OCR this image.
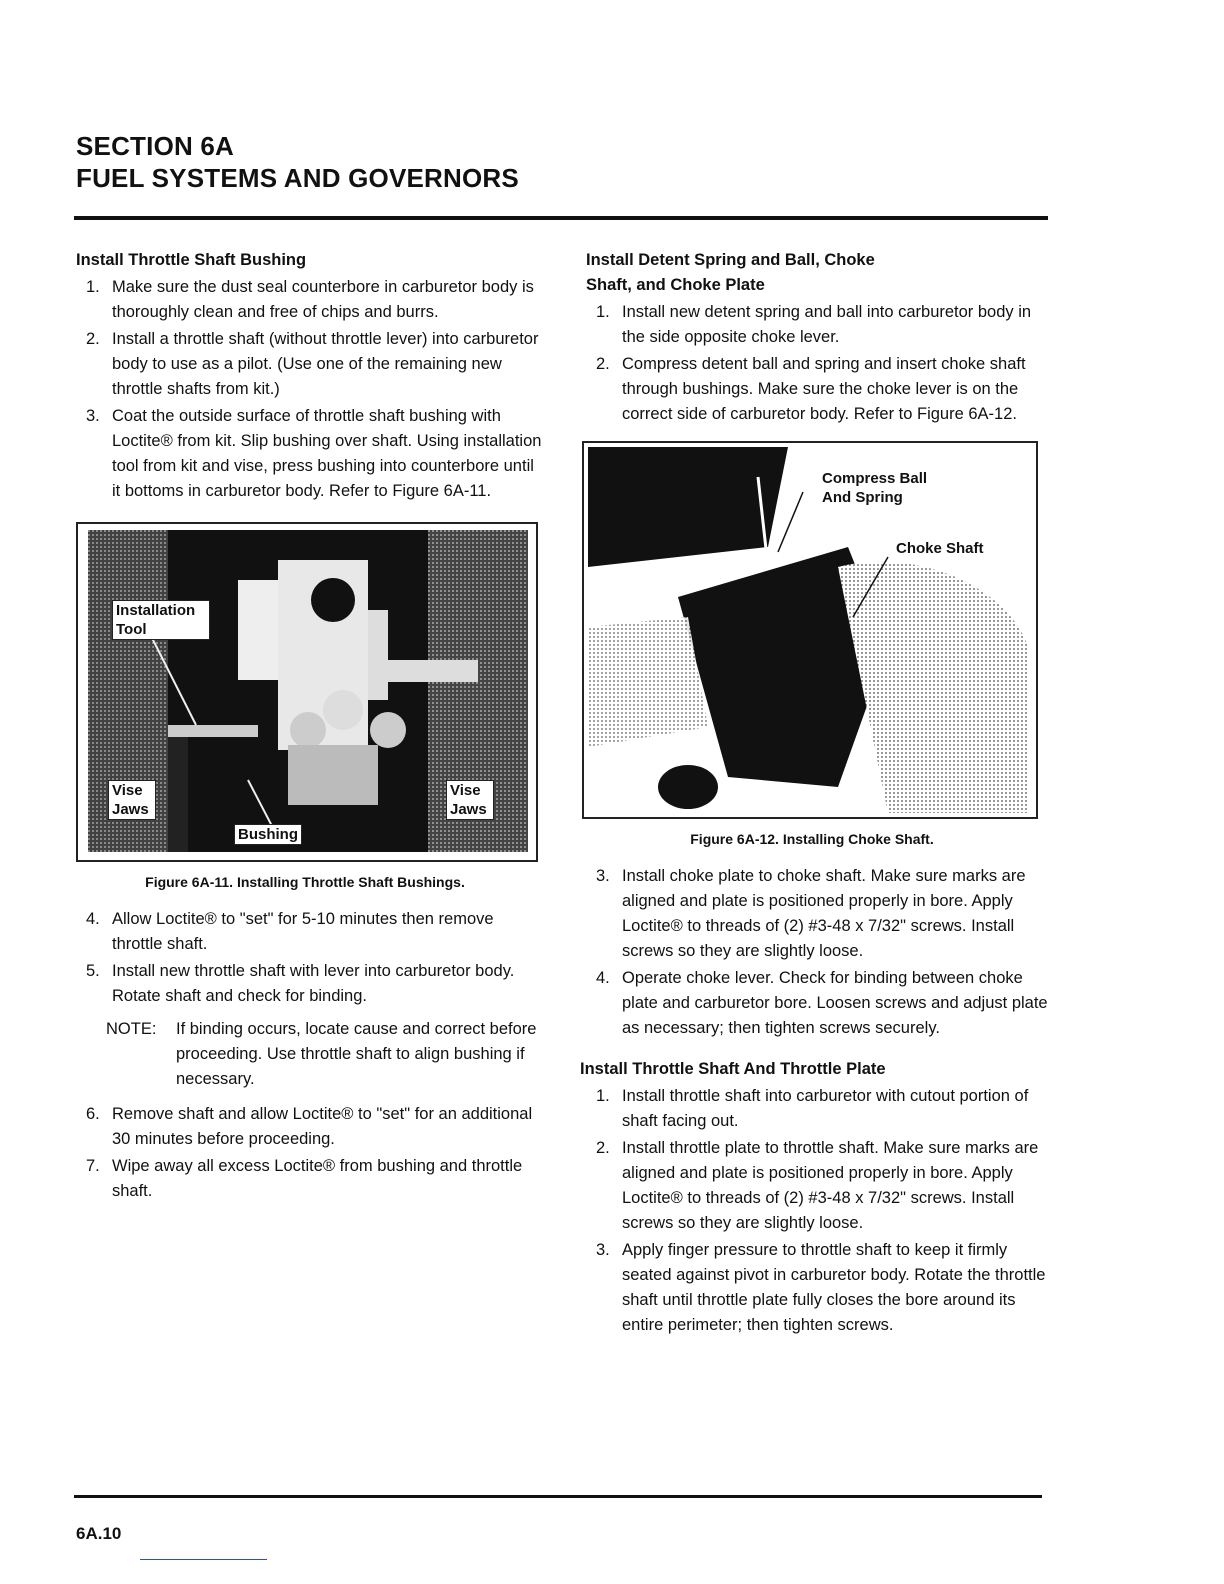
SECTION 6A
FUEL SYSTEMS AND GOVERNORS
Install Throttle Shaft Bushing
1. Make sure the dust seal counterbore in carburetor body is thoroughly clean and free of chips and burrs.
2. Install a throttle shaft (without throttle lever) into carburetor body to use as a pilot. (Use one of the remaining new throttle shafts from kit.)
3. Coat the outside surface of throttle shaft bushing with Loctite® from kit. Slip bushing over shaft. Using installation tool from kit and vise, press bushing into counterbore until it bottoms in carburetor body. Refer to Figure 6A-11.
Installation Tool
Vise Jaws
Vise Jaws
Bushing
Figure 6A-11. Installing Throttle Shaft Bushings.
4. Allow Loctite® to "set" for 5-10 minutes then remove throttle shaft.
5. Install new throttle shaft with lever into carburetor body. Rotate shaft and check for binding.
NOTE: If binding occurs, locate cause and correct before proceeding. Use throttle shaft to align bushing if necessary.
6. Remove shaft and allow Loctite® to "set" for an additional 30 minutes before proceeding.
7. Wipe away all excess Loctite® from bushing and throttle shaft.
Install Detent Spring and Ball, Choke Shaft, and Choke Plate
1. Install new detent spring and ball into carburetor body in the side opposite choke lever.
2. Compress detent ball and spring and insert choke shaft through bushings. Make sure the choke lever is on the correct side of carburetor body. Refer to Figure 6A-12.
Compress Ball And Spring
Choke Shaft
Figure 6A-12. Installing Choke Shaft.
3. Install choke plate to choke shaft. Make sure marks are aligned and plate is positioned properly in bore. Apply Loctite® to threads of (2) #3-48 x 7/32" screws. Install screws so they are slightly loose.
4. Operate choke lever. Check for binding between choke plate and carburetor bore. Loosen screws and adjust plate as necessary; then tighten screws securely.
Install Throttle Shaft And Throttle Plate
1. Install throttle shaft into carburetor with cutout portion of shaft facing out.
2. Install throttle plate to throttle shaft. Make sure marks are aligned and plate is positioned properly in bore. Apply Loctite® to threads of (2) #3-48 x 7/32" screws. Install screws so they are slightly loose.
3. Apply finger pressure to throttle shaft to keep it firmly seated against pivot in carburetor body. Rotate the throttle shaft until throttle plate fully closes the bore around its entire perimeter; then tighten screws.
6A.10
